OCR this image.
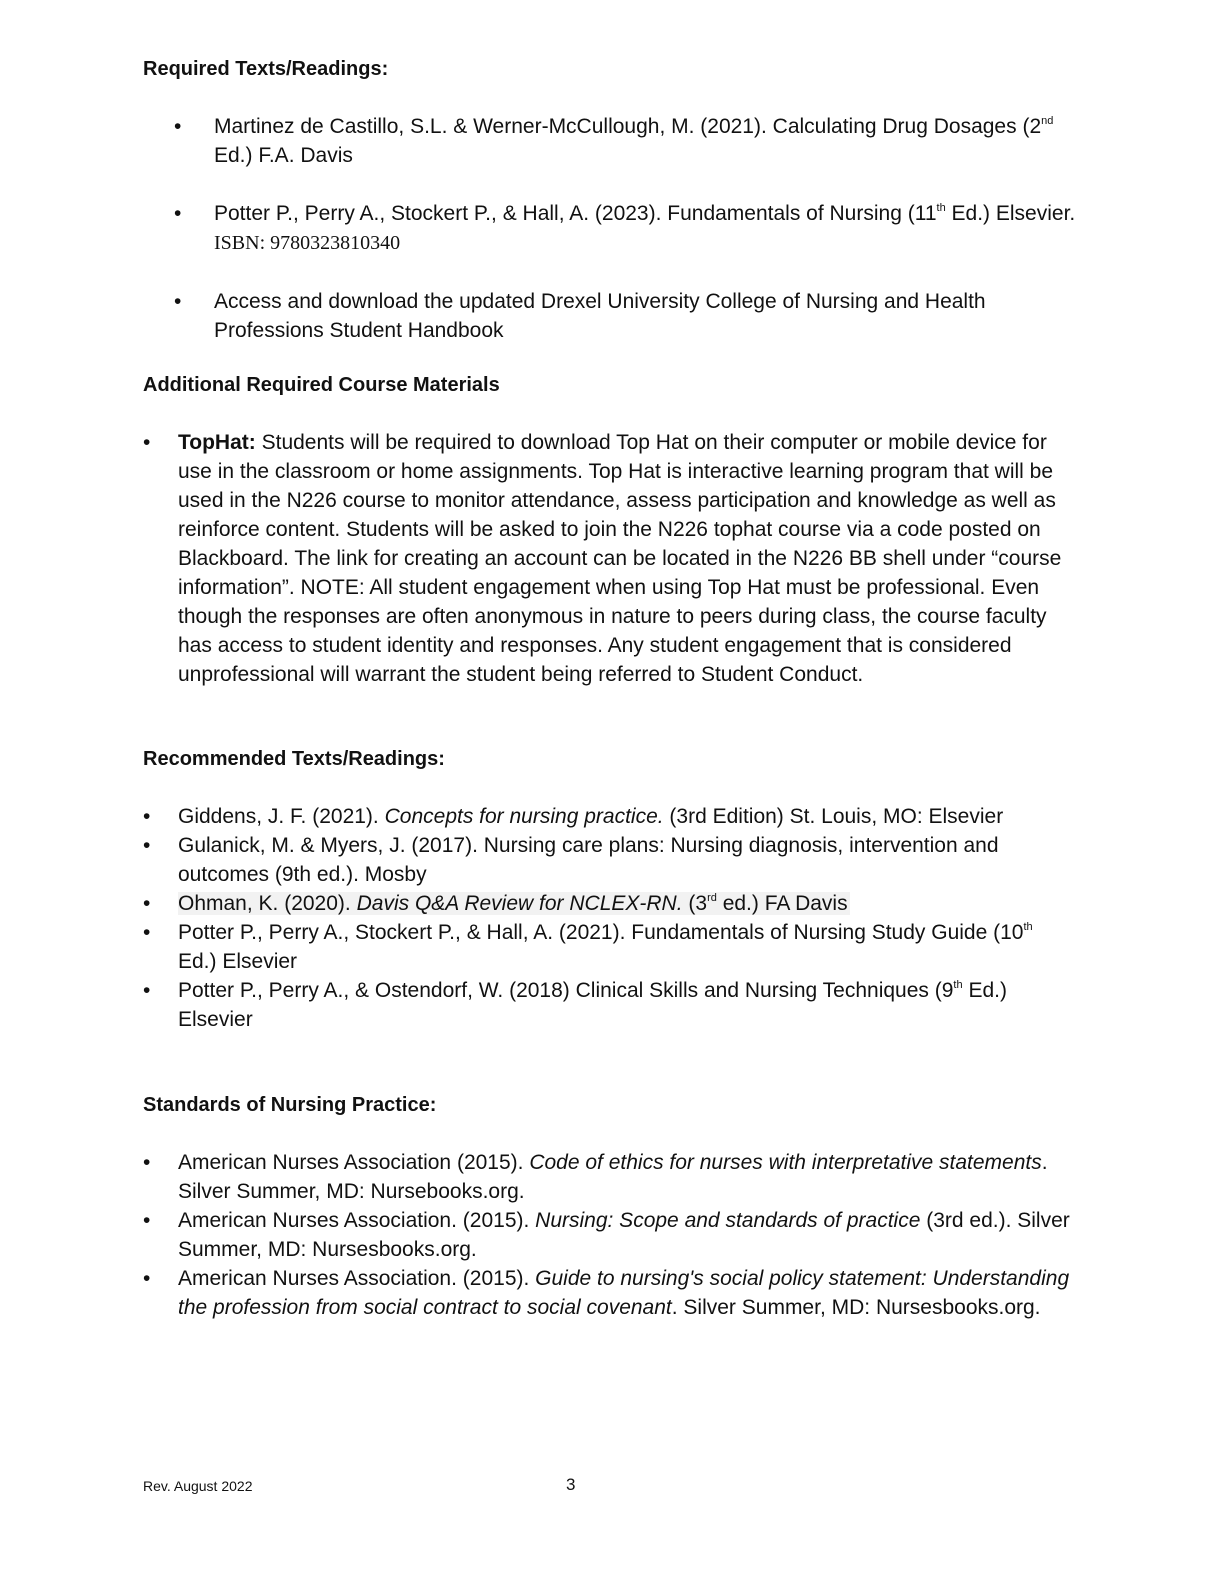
Required Texts/Readings:
• Martinez de Castillo, S.L. & Werner-McCullough, M. (2021). Calculating Drug Dosages (2nd Ed.) F.A. Davis
• Potter P., Perry A., Stockert P., & Hall, A. (2023). Fundamentals of Nursing (11th Ed.) Elsevier. ISBN: 9780323810340
• Access and download the updated Drexel University College of Nursing and Health Professions Student Handbook
Additional Required Course Materials
• TopHat: Students will be required to download Top Hat on their computer or mobile device for use in the classroom or home assignments. Top Hat is interactive learning program that will be used in the N226 course to monitor attendance, assess participation and knowledge as well as reinforce content. Students will be asked to join the N226 tophat course via a code posted on Blackboard. The link for creating an account can be located in the N226 BB shell under “course information”. NOTE: All student engagement when using Top Hat must be professional. Even though the responses are often anonymous in nature to peers during class, the course faculty has access to student identity and responses. Any student engagement that is considered unprofessional will warrant the student being referred to Student Conduct.
Recommended Texts/Readings:
• Giddens, J. F. (2021). Concepts for nursing practice. (3rd Edition) St. Louis, MO: Elsevier
• Gulanick, M. & Myers, J. (2017). Nursing care plans: Nursing diagnosis, intervention and outcomes (9th ed.). Mosby
• Ohman, K. (2020). Davis Q&A Review for NCLEX-RN. (3rd ed.) FA Davis
• Potter P., Perry A., Stockert P., & Hall, A. (2021). Fundamentals of Nursing Study Guide (10th Ed.) Elsevier
• Potter P., Perry A., & Ostendorf, W. (2018) Clinical Skills and Nursing Techniques (9th Ed.) Elsevier
Standards of Nursing Practice:
• American Nurses Association (2015). Code of ethics for nurses with interpretative statements. Silver Summer, MD: Nursebooks.org.
• American Nurses Association. (2015). Nursing: Scope and standards of practice (3rd ed.). Silver Summer, MD: Nursesbooks.org.
• American Nurses Association. (2015). Guide to nursing's social policy statement: Understanding the profession from social contract to social covenant. Silver Summer, MD: Nursesbooks.org.
Rev. August 2022	3
